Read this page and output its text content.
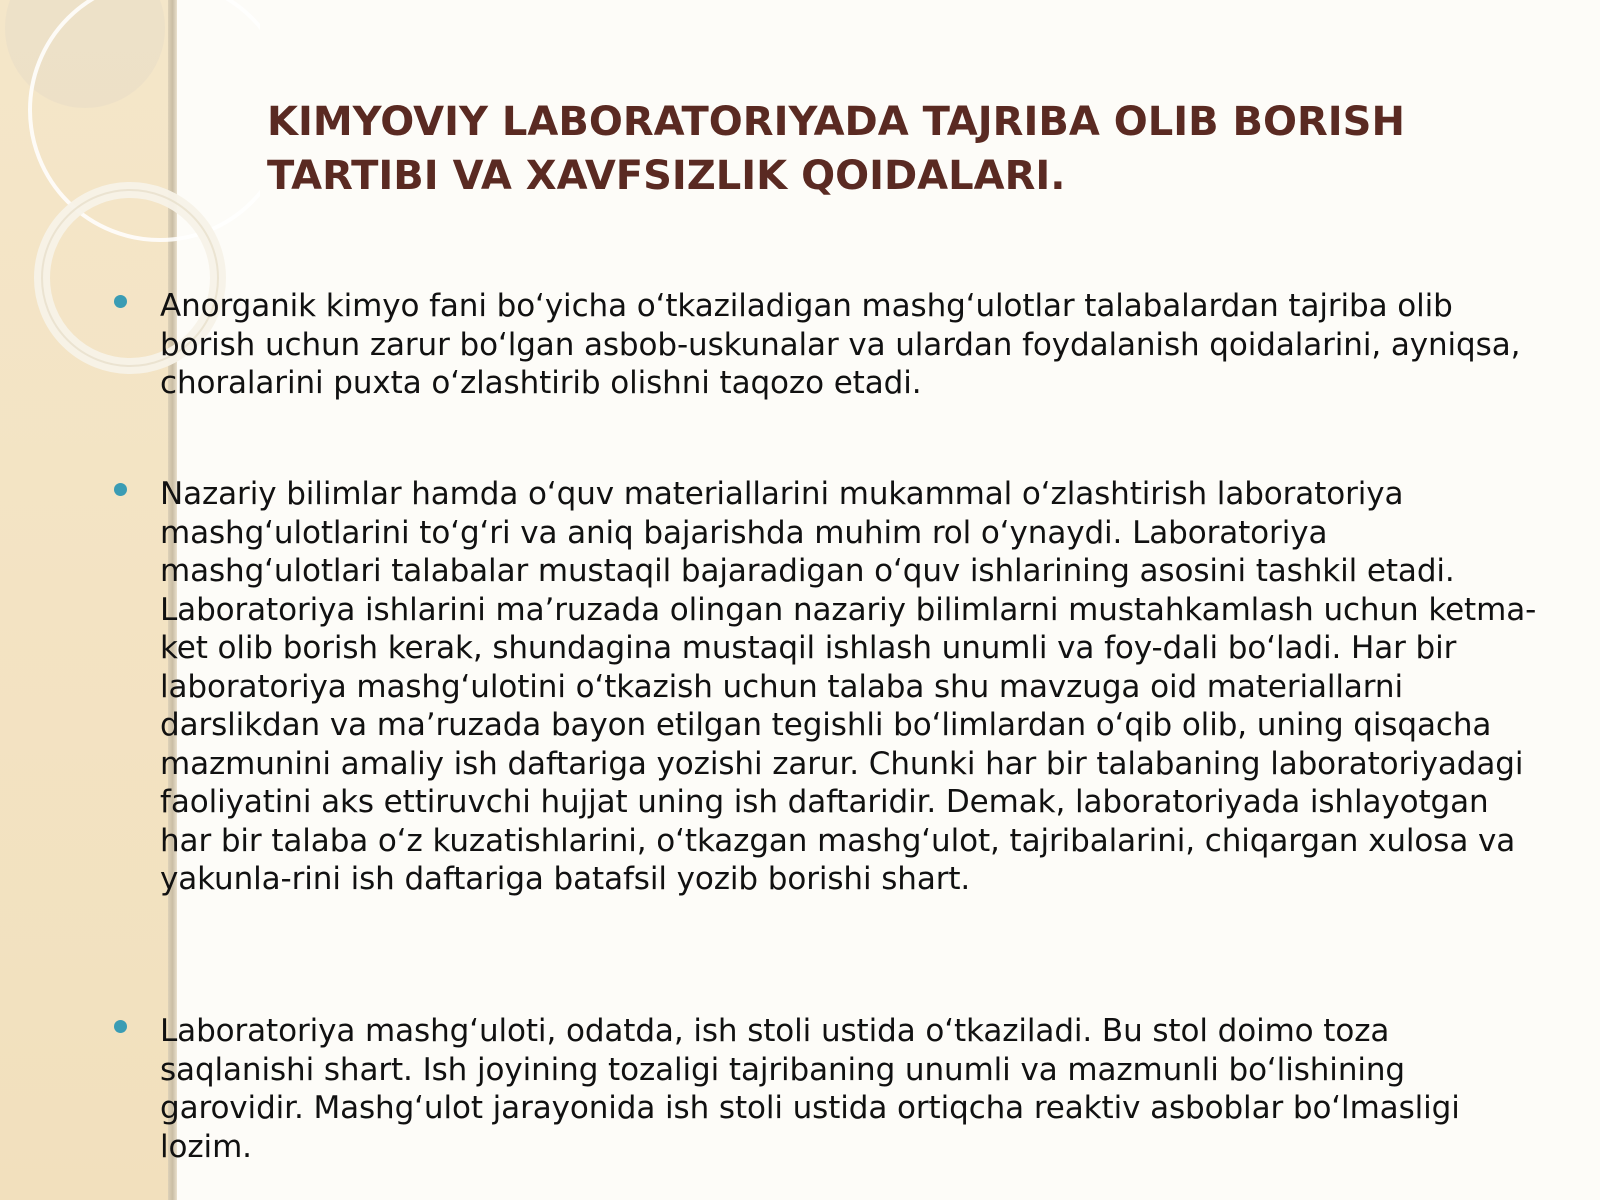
KIMYOVIY LABORATORIYADA TAJRIBA OLIB BORISH TARTIBI VA XAVFSIZLIK QOIDALARI.
Anorganik kimyo fani boʻyicha oʻtkaziladigan mashgʻulotlar talabalardan tajriba olib borish uchun zarur boʻlgan asbob-uskunalar va ulardan foydalanish qoidalarini, ayniqsa, choralarini puxta oʻzlashtirib olishni taqozo etadi.
Nazariy bilimlar hamda oʻquv materiallarini mukammal oʻzlashtirish laboratoriya mashgʻulotlarini toʻgʻri va aniq bajarishda muhim rol oʻynaydi. Laboratoriya mashgʻulotlari talabalar mustaqil bajaradigan oʻquv ishlarining asosini tashkil etadi. Laboratoriya ishlarini maʼruzada olingan nazariy bilimlarni mustahkamlash uchun ketma-ket olib borish kerak, shundagina mustaqil ishlash unumli va foy-dali boʻladi. Har bir laboratoriya mashgʻulotini oʻtkazish uchun talaba shu mavzuga oid materiallarni darslikdan va maʼruzada bayon etilgan tegishli boʻlimlardan oʻqib olib, uning qisqacha mazmunini amaliy ish daftariga yozishi zarur. Chunki har bir talabaning laboratoriyadagi faoliyatini aks ettiruvchi hujjat uning ish daftaridir. Demak, laboratoriyada ishlayotgan har bir talaba oʻz kuzatishlarini, oʻtkazgan mashgʻulot, tajribalarini, chiqargan xulosa va yakunla-rini ish daftariga batafsil yozib borishi shart.
Laboratoriya mashgʻuloti, odatda, ish stoli ustida oʻtkaziladi. Bu stol doimo toza saqlanishi shart. Ish joyining tozaligi tajribaning unumli va mazmunli boʻlishining garovidir. Mashgʻulot jarayonida ish stoli ustida ortiqcha reaktiv asboblar boʻlmasligi lozim.
